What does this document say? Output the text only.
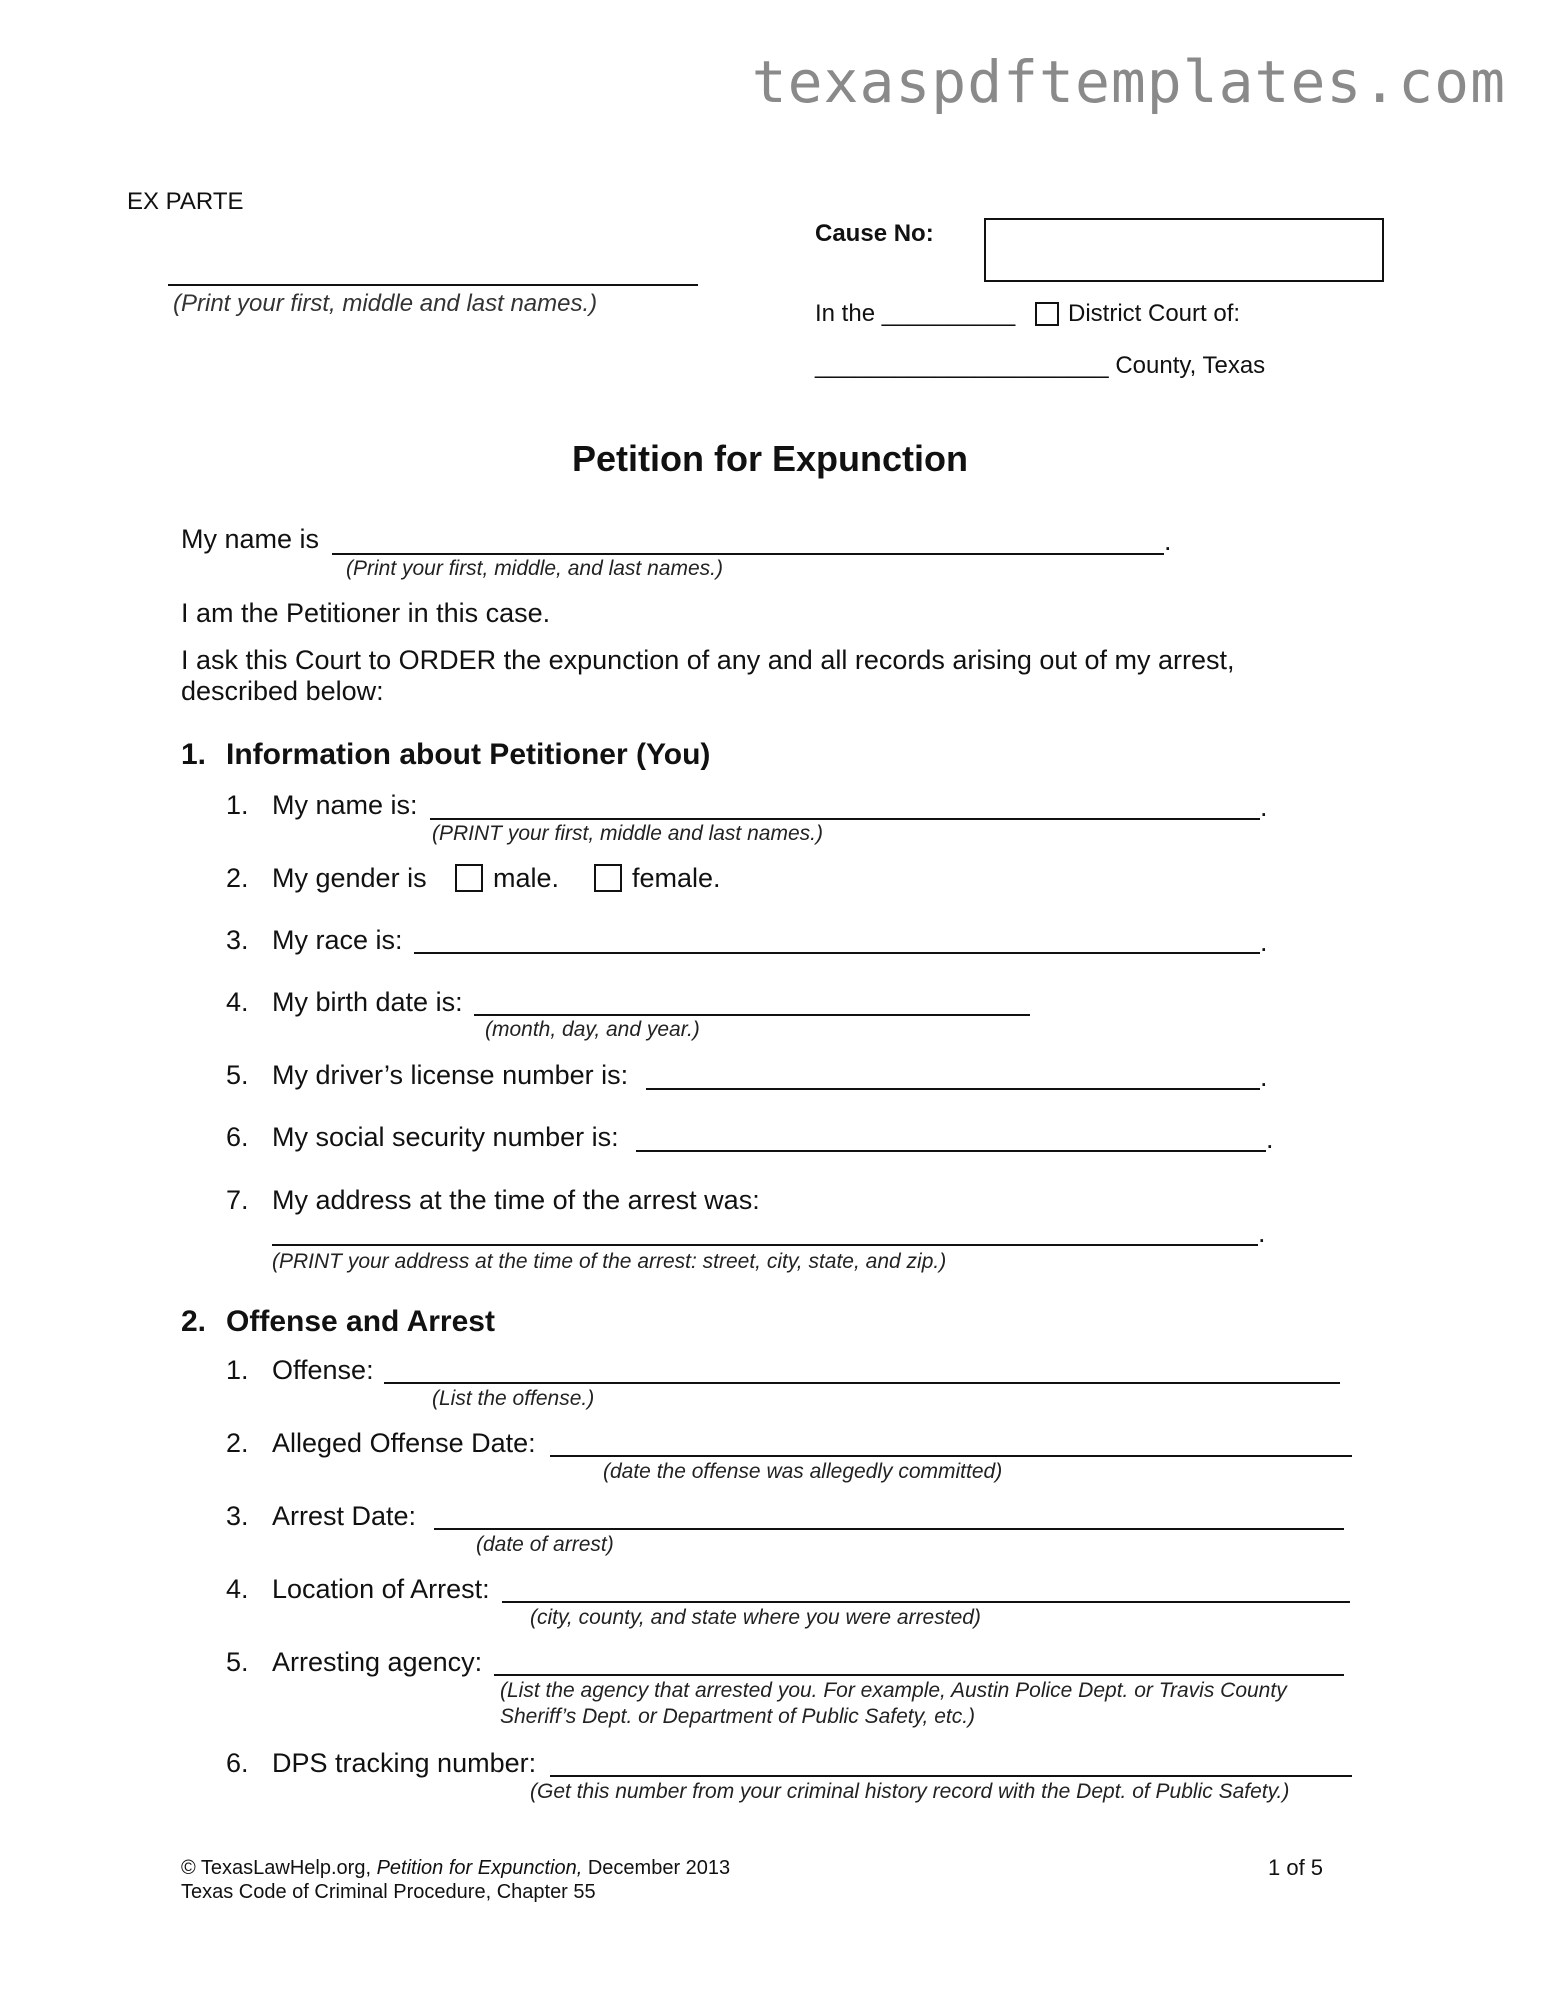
texaspdftemplates.com
EX PARTE
(Print your first, middle and last names.)
Cause No:
In the __________ District Court of:
______________________ County, Texas
Petition for Expunction
My name is	.
(Print your first, middle, and last names.)
I am the Petitioner in this case.
I ask this Court to ORDER the expunction of any and all records arising out of my arrest,
described below:
1. Information about Petitioner (You)
1. My name is:	.
(PRINT your first, middle and last names.)
2. My gender is male.	female.
3. My race is:	.
4. My birth date is:
(month, day, and year.)
5. My driver’s license number is:	.
6. My social security number is:	.
7. My address at the time of the arrest was:
.
(PRINT your address at the time of the arrest: street, city, state, and zip.)
2. Offense and Arrest
1. Offense:
(List the offense.)
2. Alleged Offense Date:
(date the offense was allegedly committed)
3. Arrest Date:
(date of arrest)
4. Location of Arrest:
(city, county, and state where you were arrested)
5. Arresting agency:
(List the agency that arrested you. For example, Austin Police Dept. or Travis County
Sheriff’s Dept. or Department of Public Safety, etc.)
6. DPS tracking number:
(Get this number from your criminal history record with the Dept. of Public Safety.)
© TexasLawHelp.org, Petition for Expunction, December 2013
Texas Code of Criminal Procedure, Chapter 55
1 of 5
